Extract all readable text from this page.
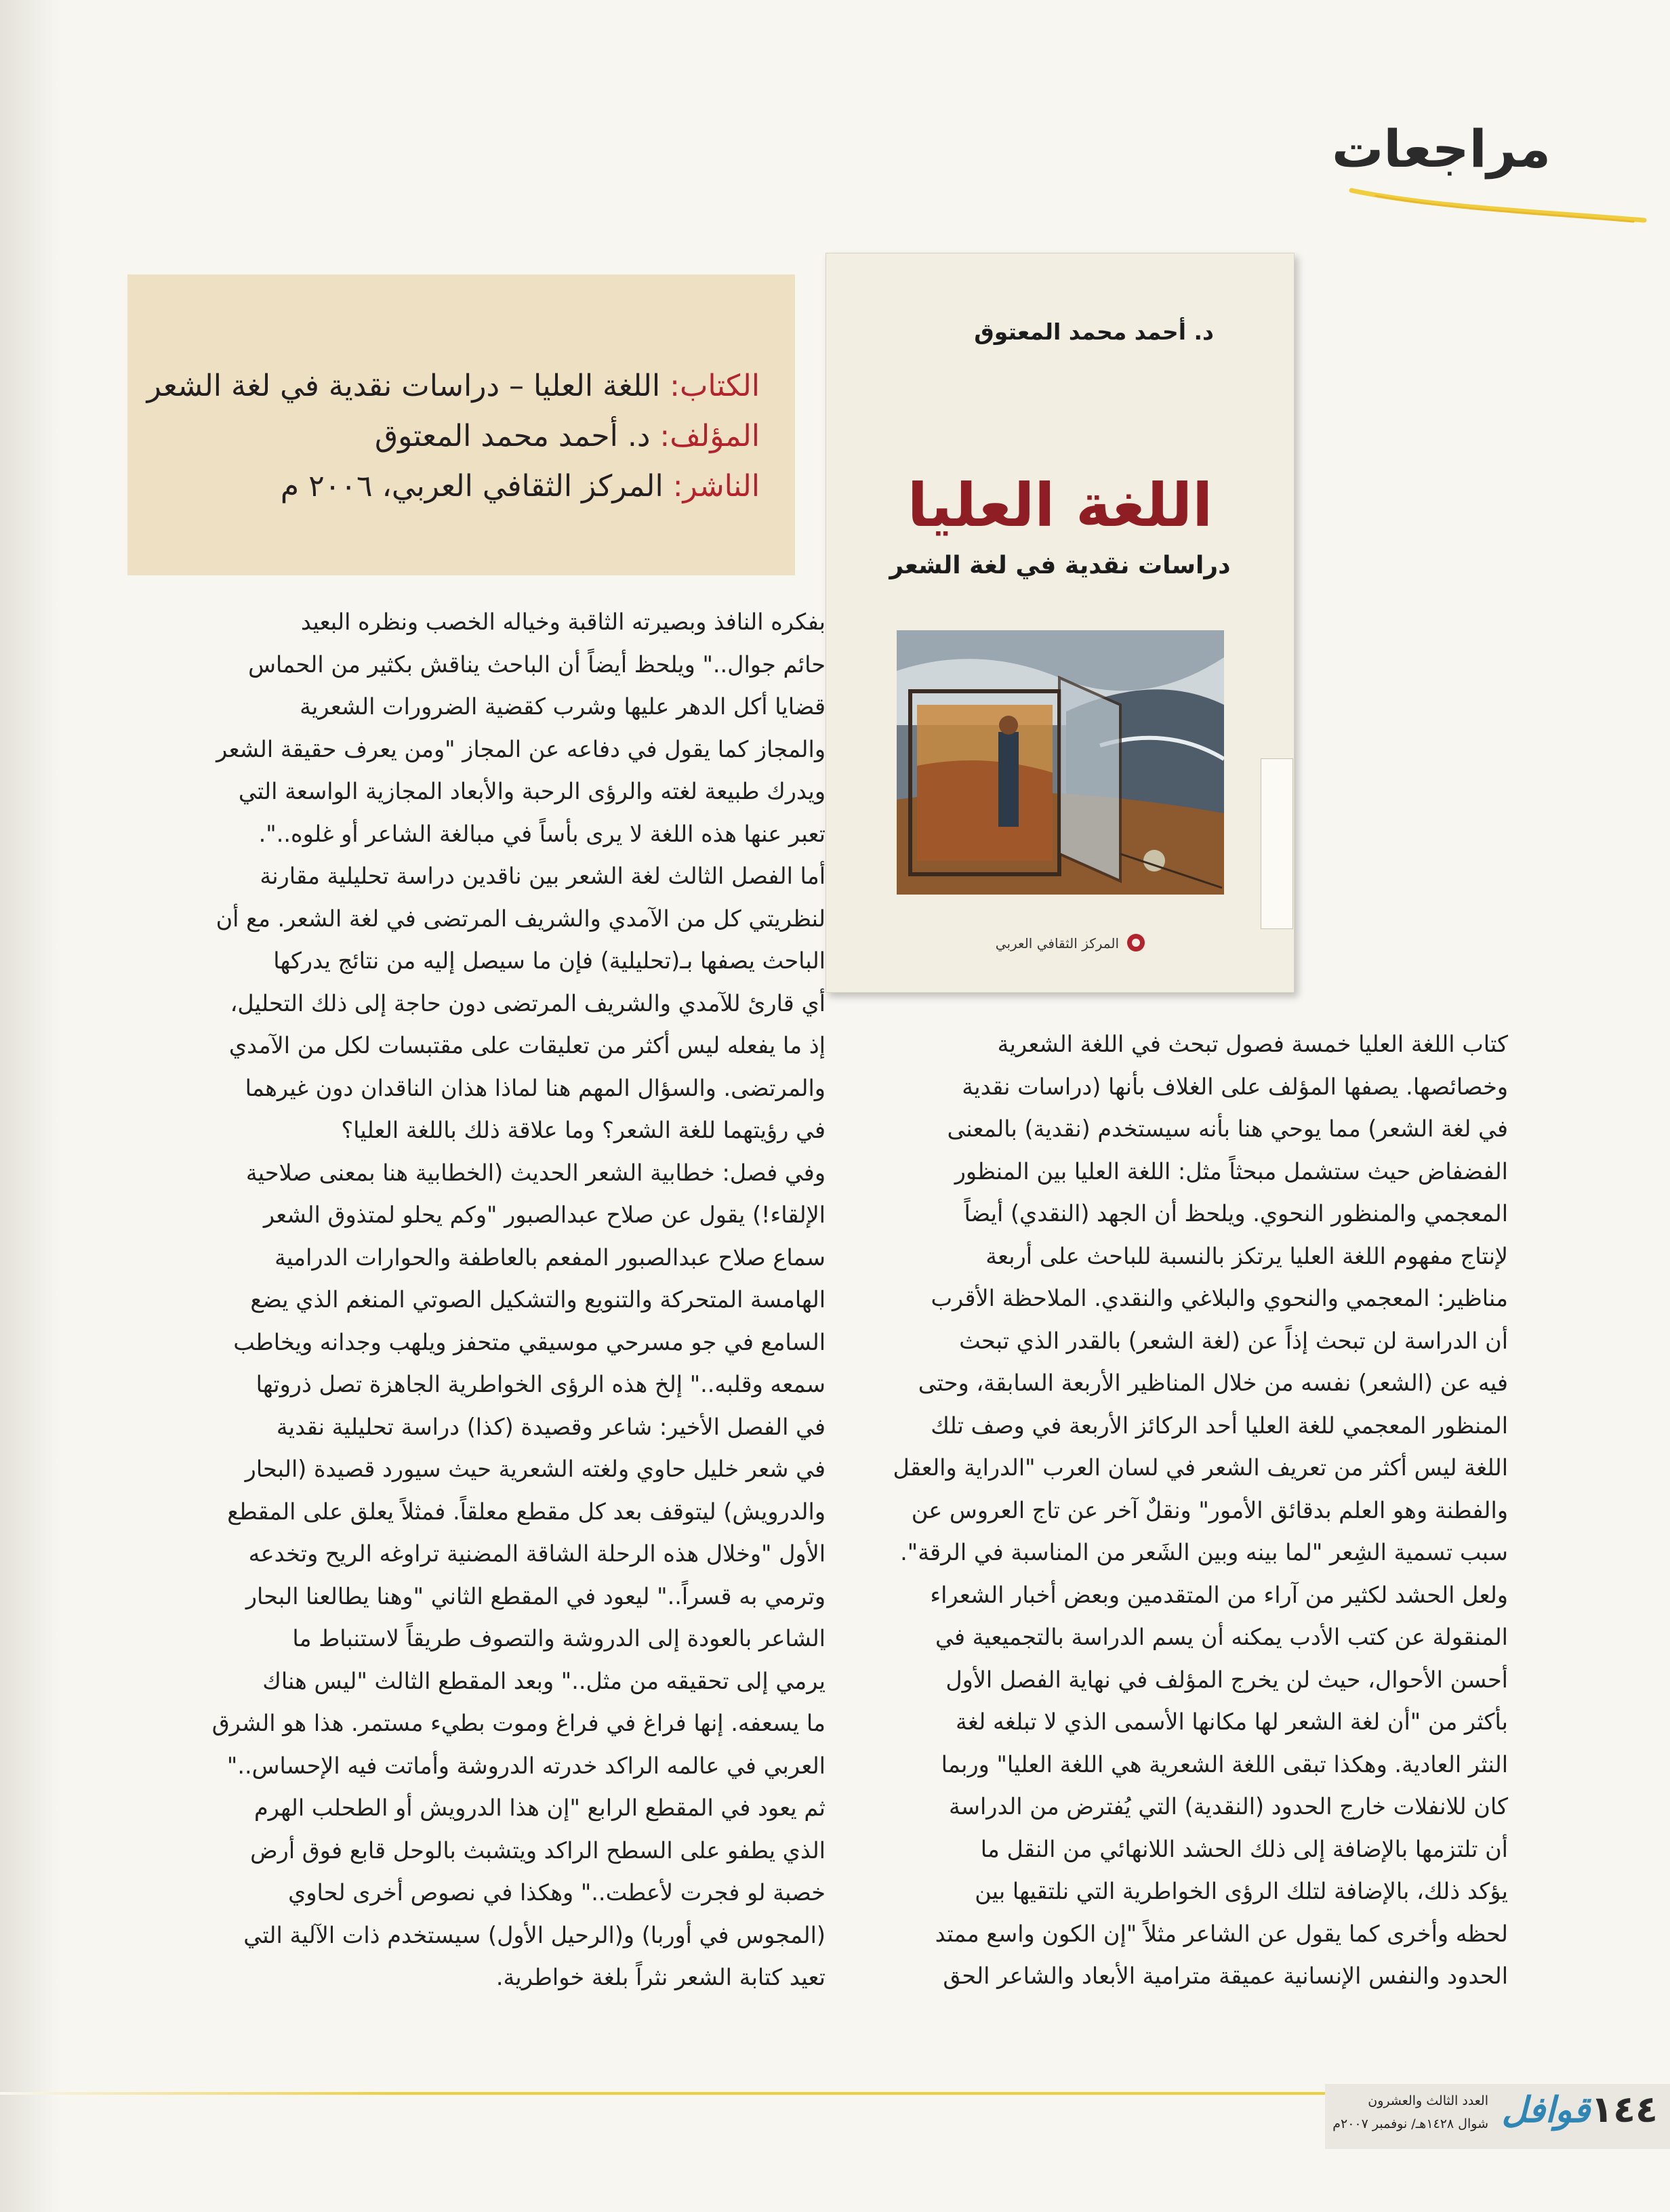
مراجعات
الكتاب: اللغة العليا – دراسات نقدية في لغة الشعر
المؤلف: د. أحمد محمد المعتوق
الناشر: المركز الثقافي العربي، ٢٠٠٦ م
د. أحمد محمد المعتوق
اللغة العليا
دراسات نقدية في لغة الشعر
المركز الثقافي العربي
بفكره النافذ وبصيرته الثاقبة وخياله الخصب ونظره البعيد
حائم جوال.." ويلحظ أيضاً أن الباحث يناقش بكثير من الحماس
قضايا أكل الدهر عليها وشرب كقضية الضرورات الشعرية
والمجاز كما يقول في دفاعه عن المجاز "ومن يعرف حقيقة الشعر
ويدرك طبيعة لغته والرؤى الرحبة والأبعاد المجازية الواسعة التي
تعبر عنها هذه اللغة لا يرى بأساً في مبالغة الشاعر أو غلوه..".
أما الفصل الثالث لغة الشعر بين ناقدين دراسة تحليلية مقارنة
لنظريتي كل من الآمدي والشريف المرتضى في لغة الشعر. مع أن
الباحث يصفها بـ(تحليلية) فإن ما سيصل إليه من نتائج يدركها
أي قارئ للآمدي والشريف المرتضى دون حاجة إلى ذلك التحليل،
إذ ما يفعله ليس أكثر من تعليقات على مقتبسات لكل من الآمدي
والمرتضى. والسؤال المهم هنا لماذا هذان الناقدان دون غيرهما
في رؤيتهما للغة الشعر؟ وما علاقة ذلك باللغة العليا؟
وفي فصل: خطابية الشعر الحديث (الخطابية هنا بمعنى صلاحية
الإلقاء!) يقول عن صلاح عبدالصبور "وكم يحلو لمتذوق الشعر
سماع صلاح عبدالصبور المفعم بالعاطفة والحوارات الدرامية
الهامسة المتحركة والتنويع والتشكيل الصوتي المنغم الذي يضع
السامع في جو مسرحي موسيقي متحفز ويلهب وجدانه ويخاطب
سمعه وقلبه.." إلخ هذه الرؤى الخواطرية الجاهزة تصل ذروتها
في الفصل الأخير: شاعر وقصيدة (كذا) دراسة تحليلية نقدية
في شعر خليل حاوي ولغته الشعرية حيث سيورد قصيدة (البحار
والدرويش) ليتوقف بعد كل مقطع معلقاً. فمثلاً يعلق على المقطع
الأول "وخلال هذه الرحلة الشاقة المضنية تراوغه الريح وتخدعه
وترمي به قسراً.." ليعود في المقطع الثاني "وهنا يطالعنا البحار
الشاعر بالعودة إلى الدروشة والتصوف طريقاً لاستنباط ما
يرمي إلى تحقيقه من مثل.." وبعد المقطع الثالث "ليس هناك
ما يسعفه. إنها فراغ في فراغ وموت بطيء مستمر. هذا هو الشرق
العربي في عالمه الراكد خدرته الدروشة وأماتت فيه الإحساس.."
ثم يعود في المقطع الرابع "إن هذا الدرويش أو الطحلب الهرم
الذي يطفو على السطح الراكد ويتشبث بالوحل قابع فوق أرض
خصبة لو فجرت لأعطت.." وهكذا في نصوص أخرى لحاوي
(المجوس في أوربا) و(الرحيل الأول) سيستخدم ذات الآلية التي
تعيد كتابة الشعر نثراً بلغة خواطرية.
كتاب اللغة العليا خمسة فصول تبحث في اللغة الشعرية
وخصائصها. يصفها المؤلف على الغلاف بأنها (دراسات نقدية
في لغة الشعر) مما يوحي هنا بأنه سيستخدم (نقدية) بالمعنى
الفضفاض حيث ستشمل مبحثاً مثل: اللغة العليا بين المنظور
المعجمي والمنظور النحوي. ويلحظ أن الجهد (النقدي) أيضاً
لإنتاج مفهوم اللغة العليا يرتكز بالنسبة للباحث على أربعة
مناظير: المعجمي والنحوي والبلاغي والنقدي. الملاحظة الأقرب
أن الدراسة لن تبحث إذاً عن (لغة الشعر) بالقدر الذي تبحث
فيه عن (الشعر) نفسه من خلال المناظير الأربعة السابقة، وحتى
المنظور المعجمي للغة العليا أحد الركائز الأربعة في وصف تلك
اللغة ليس أكثر من تعريف الشعر في لسان العرب "الدراية والعقل
والفطنة وهو العلم بدقائق الأمور" ونقلٌ آخر عن تاج العروس عن
سبب تسمية الشِعر "لما بينه وبين الشَعر من المناسبة في الرقة".
ولعل الحشد لكثير من آراء من المتقدمين وبعض أخبار الشعراء
المنقولة عن كتب الأدب يمكنه أن يسم الدراسة بالتجميعية في
أحسن الأحوال، حيث لن يخرج المؤلف في نهاية الفصل الأول
بأكثر من "أن لغة الشعر لها مكانها الأسمى الذي لا تبلغه لغة
النثر العادية. وهكذا تبقى اللغة الشعرية هي اللغة العليا" وربما
كان للانفلات خارج الحدود (النقدية) التي يُفترض من الدراسة
أن تلتزمها بالإضافة إلى ذلك الحشد اللانهائي من النقل ما
يؤكد ذلك، بالإضافة لتلك الرؤى الخواطرية التي نلتقيها بين
لحظه وأخرى كما يقول عن الشاعر مثلاً "إن الكون واسع ممتد
الحدود والنفس الإنسانية عميقة مترامية الأبعاد والشاعر الحق
١٤٤
قوافل
العدد الثالث والعشرون
شوال ١٤٢٨هـ/ نوفمبر ٢٠٠٧م
